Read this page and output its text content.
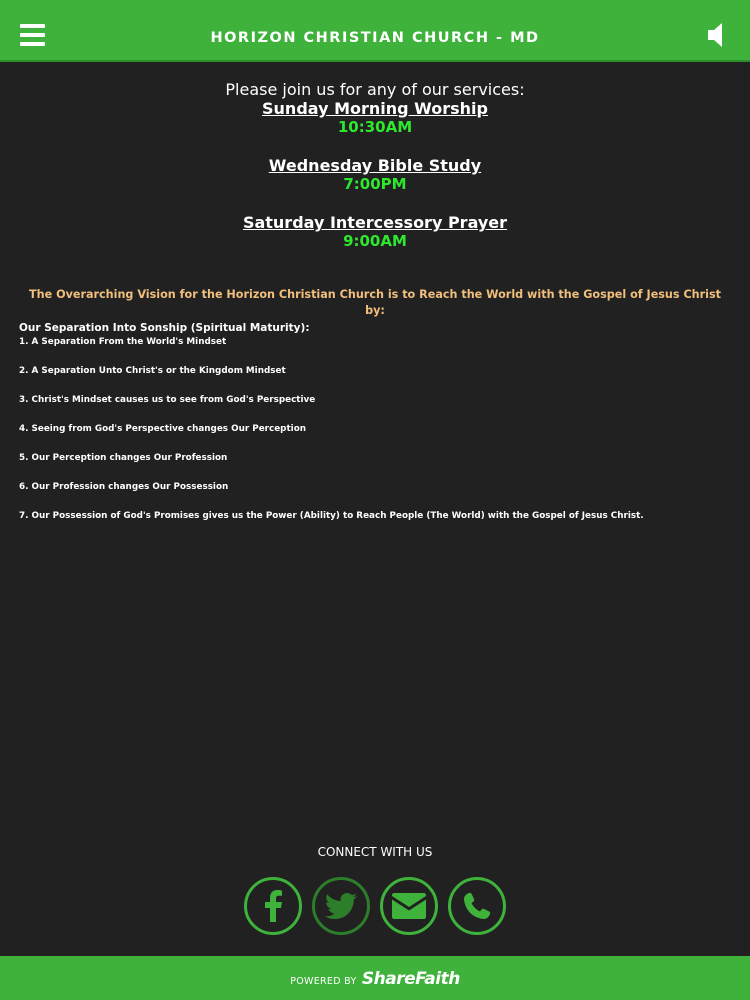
HORIZON CHRISTIAN CHURCH - MD

Please join us for any of our services:

Sunday Morning Worship

10:30AM

Wednesday Bible Study

7:00PM

Saturday Intercessory Prayer

9:00AM

The Overarching Vision for the Horizon Christian Church is to Reach the World with the Gospel of Jesus Christ by:

Our Separation Into Sonship (Spiritual Maturity):

1. A Separation From the World's Mindset

2. A Separation Unto Christ's or the Kingdom Mindset

3. Christ's Mindset causes us to see from God's Perspective

4. Seeing from God's Perspective changes Our Perception

5. Our Perception changes Our Profession

6. Our Profession changes Our Possession

7. Our Possession of God's Promises gives us the Power (Ability) to Reach People (The World) with the Gospel of Jesus Christ.

CONNECT WITH US

POWERED BY ShareFaith
